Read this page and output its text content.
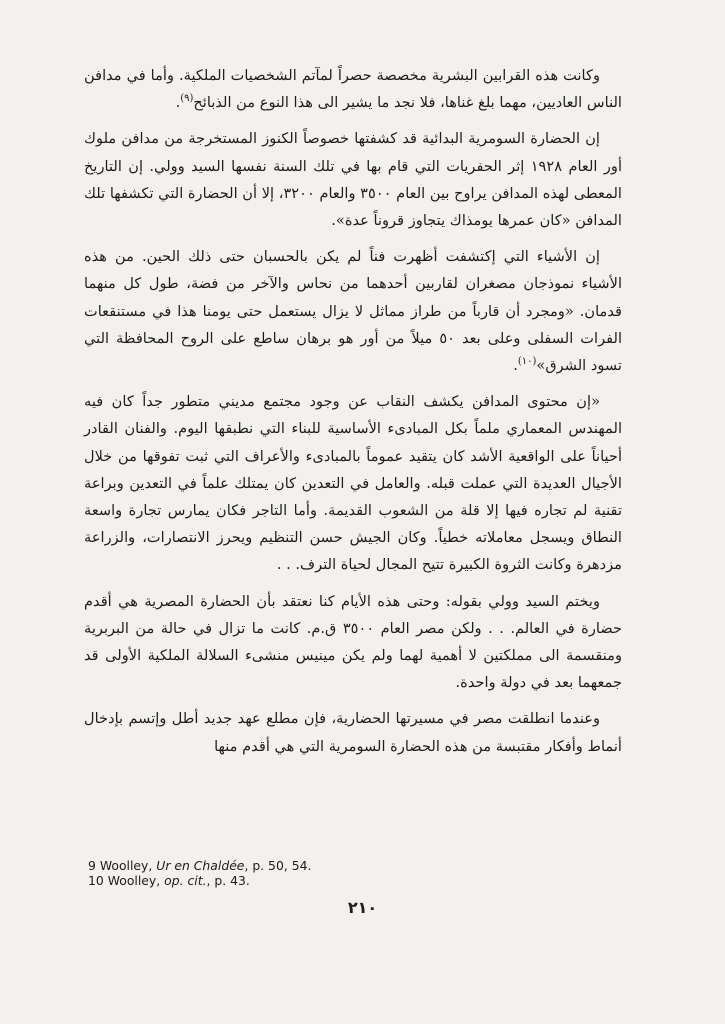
وكانت هذه القرابين البشرية مخصصة حصراً لمآتم الشخصيات الملكية. وأما في مدافن الناس العاديين، مهما بلغ غناها، فلا نجد ما يشير الى هذا النوع من الذبائح$^{(٩)}$.

إن الحضارة السومرية البدائية قد كشفتها خصوصاً الكنوز المستخرجة من مدافن ملوك أور العام ١٩٢٨ إثر الحفريات التي قام بها في تلك السنة نفسها السيد وولي. إن التاريخ المعطى لهذه المدافن يراوح بين العام ٣٥٠٠ والعام ٣٢٠٠، إلا أن الحضارة التي تكشفها تلك المدافن «كان عمرها يومذاك يتجاوز قروناً عدة».

إن الأشياء التي إكتشفت أظهرت فناً لم يكن بالحسبان حتى ذلك الحين. من هذه الأشياء نموذجان مصغران لقاربين أحدهما من نحاس والآخر من فضة، طول كل منهما قدمان. «ومجرد أن قارباً من طراز مماثل لا يزال يستعمل حتى يومنا هذا في مستنقعات الفرات السفلى وعلى بعد ٥٠ ميلاً من أور هو برهان ساطع على الروح المحافظة التي تسود الشرق»$^{(١٠)}$.

«إن محتوى المدافن يكشف النقاب عن وجود مجتمع مديني متطور جداً كان فيه المهندس المعماري ملماً بكل المبادىء الأساسية للبناء التي نطبقها اليوم. والفنان القادر أحياناً على الواقعية الأشد كان يتقيد عموماً بالمبادىء والأعراف التي ثبت تفوقها من خلال الأجيال العديدة التي عملت قبله. والعامل في التعدين كان يمتلك علماً في التعدين وبراعة تقنية لم تجاره فيها إلا قلة من الشعوب القديمة. وأما التاجر فكان يمارس تجارة واسعة النطاق ويسجل معاملاته خطياً. وكان الجيش حسن التنظيم ويحرز الانتصارات، والزراعة مزدهرة وكانت الثروة الكبيرة تتيح المجال لحياة الترف. . .

ويختم السيد وولي بقوله: وحتى هذه الأيام كنا نعتقد بأن الحضارة المصرية هي أقدم حضارة في العالم. . . ولكن مصر العام ٣٥٠٠ ق.م. كانت ما تزال في حالة من البربرية ومنقسمة الى مملكتين لا أهمية لهما ولم يكن مينيس منشىء السلالة الملكية الأولى قد جمعهما بعد في دولة واحدة.

وعندما انطلقت مصر في مسيرتها الحضارية، فإن مطلع عهد جديد أطل وإتسم بإدخال أنماط وأفكار مقتبسة من هذه الحضارة السومرية التي هي أقدم منها

9 Woolley, Ur en Chaldée, p. 50, 54.
10 Woolley, op. cit., p. 43.
٢١٠
